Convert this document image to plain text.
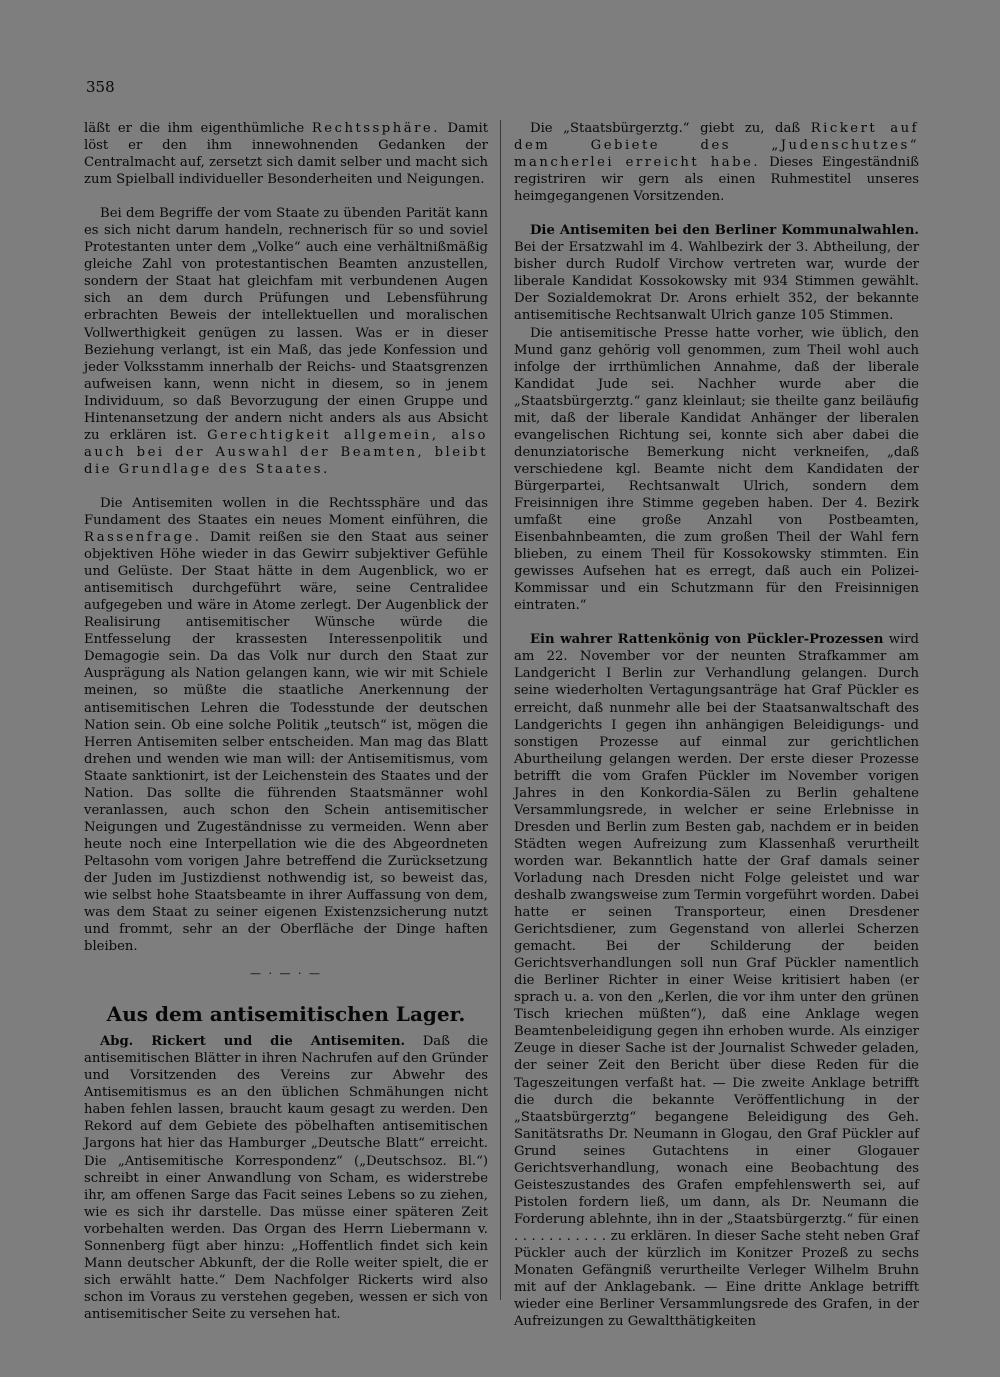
358

läßt er die ihm eigenthümliche Rechtssphäre. Damit löst er den ihm innewohnenden Gedanken der Centralmacht auf, zersetzt sich damit selber und macht sich zum Spielball individueller Besonderheiten und Neigungen.

Bei dem Begriffe der vom Staate zu übenden Parität kann es sich nicht darum handeln, rechnerisch für so und soviel Protestanten unter dem „Volke“ auch eine verhältnißmäßig gleiche Zahl von protestantischen Beamten anzustellen, sondern der Staat hat gleichfam mit verbundenen Augen sich an dem durch Prüfungen und Lebensführung erbrachten Beweis der intellektuellen und moralischen Vollwerthigkeit genügen zu lassen. Was er in dieser Beziehung verlangt, ist ein Maß, das jede Konfession und jeder Volksstamm innerhalb der Reichs- und Staatsgrenzen aufweisen kann, wenn nicht in diesem, so in jenem Individuum, so daß Bevorzugung der einen Gruppe und Hintenansetzung der andern nicht anders als aus Absicht zu erklären ist. Gerechtigkeit allgemein, also auch bei der Auswahl der Beamten, bleibt die Grundlage des Staates.

Die Antisemiten wollen in die Rechtssphäre und das Fundament des Staates ein neues Moment einführen, die Rassenfrage. Damit reißen sie den Staat aus seiner objektiven Höhe wieder in das Gewirr subjektiver Gefühle und Gelüste. Der Staat hätte in dem Augenblick, wo er antisemitisch durchgeführt wäre, seine Centralidee aufgegeben und wäre in Atome zerlegt. Der Augenblick der Realisirung antisemitischer Wünsche würde die Entfesselung der krassesten Interessenpolitik und Demagogie sein. Da das Volk nur durch den Staat zur Ausprägung als Nation gelangen kann, wie wir mit Schiele meinen, so müßte die staatliche Anerkennung der antisemitischen Lehren die Todesstunde der deutschen Nation sein. Ob eine solche Politik „teutsch“ ist, mögen die Herren Antisemiten selber entscheiden. Man mag das Blatt drehen und wenden wie man will: der Antisemitismus, vom Staate sanktionirt, ist der Leichenstein des Staates und der Nation. Das sollte die führenden Staatsmänner wohl veranlassen, auch schon den Schein antisemitischer Neigungen und Zugeständnisse zu vermeiden. Wenn aber heute noch eine Interpellation wie die des Abgeordneten Peltasohn vom vorigen Jahre betreffend die Zurücksetzung der Juden im Justizdienst nothwendig ist, so beweist das, wie selbst hohe Staatsbeamte in ihrer Auffassung von dem, was dem Staat zu seiner eigenen Existenzsicherung nutzt und frommt, sehr an der Oberfläche der Dinge haften bleiben.

— · — · —
Aus dem antisemitischen Lager.

Abg. Rickert und die Antisemiten. Daß die antisemitischen Blätter in ihren Nachrufen auf den Gründer und Vorsitzenden des Vereins zur Abwehr des Antisemitismus es an den üblichen Schmähungen nicht haben fehlen lassen, braucht kaum gesagt zu werden. Den Rekord auf dem Gebiete des pöbelhaften antisemitischen Jargons hat hier das Hamburger „Deutsche Blatt“ erreicht. Die „Antisemitische Korrespondenz“ („Deutschsoz. Bl.“) schreibt in einer Anwandlung von Scham, es widerstrebe ihr, am offenen Sarge das Facit seines Lebens so zu ziehen, wie es sich ihr darstelle. Das müsse einer späteren Zeit vorbehalten werden. Das Organ des Herrn Liebermann v. Sonnenberg fügt aber hinzu: „Hoffentlich findet sich kein Mann deutscher Abkunft, der die Rolle weiter spielt, die er sich erwählt hatte.“ Dem Nachfolger Rickerts wird also schon im Voraus zu verstehen gegeben, wessen er sich von antisemitischer Seite zu versehen hat.

Die „Staatsbürgerztg.“ giebt zu, daß Rickert auf dem Gebiete des „Judenschutzes“ mancherlei erreicht habe. Dieses Eingeständniß registriren wir gern als einen Ruhmestitel unseres heimgegangenen Vorsitzenden.

Die Antisemiten bei den Berliner Kommunalwahlen. Bei der Ersatzwahl im 4. Wahlbezirk der 3. Abtheilung, der bisher durch Rudolf Virchow vertreten war, wurde der liberale Kandidat Kossokowsky mit 934 Stimmen gewählt. Der Sozialdemokrat Dr. Arons erhielt 352, der bekannte antisemitische Rechtsanwalt Ulrich ganze 105 Stimmen.

Die antisemitische Presse hatte vorher, wie üblich, den Mund ganz gehörig voll genommen, zum Theil wohl auch infolge der irrthümlichen Annahme, daß der liberale Kandidat Jude sei. Nachher wurde aber die „Staatsbürgerztg.“ ganz kleinlaut; sie theilte ganz beiläufig mit, daß der liberale Kandidat Anhänger der liberalen evangelischen Richtung sei, konnte sich aber dabei die denunziatorische Bemerkung nicht verkneifen, „daß verschiedene kgl. Beamte nicht dem Kandidaten der Bürgerpartei, Rechtsanwalt Ulrich, sondern dem Freisinnigen ihre Stimme gegeben haben. Der 4. Bezirk umfaßt eine große Anzahl von Postbeamten, Eisenbahnbeamten, die zum großen Theil der Wahl fern blieben, zu einem Theil für Kossokowsky stimmten. Ein gewisses Aufsehen hat es erregt, daß auch ein Polizei-Kommissar und ein Schutzmann für den Freisinnigen eintraten.“

Ein wahrer Rattenkönig von Pückler-Prozessen wird am 22. November vor der neunten Strafkammer am Landgericht I Berlin zur Verhandlung gelangen. Durch seine wiederholten Vertagungsanträge hat Graf Pückler es erreicht, daß nunmehr alle bei der Staatsanwaltschaft des Landgerichts I gegen ihn anhängigen Beleidigungs- und sonstigen Prozesse auf einmal zur gerichtlichen Aburtheilung gelangen werden. Der erste dieser Prozesse betrifft die vom Grafen Pückler im November vorigen Jahres in den Konkordia-Sälen zu Berlin gehaltene Versammlungsrede, in welcher er seine Erlebnisse in Dresden und Berlin zum Besten gab, nachdem er in beiden Städten wegen Aufreizung zum Klassenhaß verurtheilt worden war. Bekanntlich hatte der Graf damals seiner Vorladung nach Dresden nicht Folge geleistet und war deshalb zwangsweise zum Termin vorgeführt worden. Dabei hatte er seinen Transporteur, einen Dresdener Gerichtsdiener, zum Gegenstand von allerlei Scherzen gemacht. Bei der Schilderung der beiden Gerichtsverhandlungen soll nun Graf Pückler namentlich die Berliner Richter in einer Weise kritisiert haben (er sprach u. a. von den „Kerlen, die vor ihm unter den grünen Tisch kriechen müßten“), daß eine Anklage wegen Beamtenbeleidigung gegen ihn erhoben wurde. Als einziger Zeuge in dieser Sache ist der Journalist Schweder geladen, der seiner Zeit den Bericht über diese Reden für die Tageszeitungen verfaßt hat. — Die zweite Anklage betrifft die durch die bekannte Veröffentlichung in der „Staatsbürgerztg“ begangene Beleidigung des Geh. Sanitätsraths Dr. Neumann in Glogau, den Graf Pückler auf Grund seines Gutachtens in einer Glogauer Gerichtsverhandlung, wonach eine Beobachtung des Geisteszustandes des Grafen empfehlenswerth sei, auf Pistolen fordern ließ, um dann, als Dr. Neumann die Forderung ablehnte, ihn in der „Staatsbürgerztg.“ für einen . . . . . . . . . . . zu erklären. In dieser Sache steht neben Graf Pückler auch der kürzlich im Konitzer Prozeß zu sechs Monaten Gefängniß verurtheilte Verleger Wilhelm Bruhn mit auf der Anklagebank. — Eine dritte Anklage betrifft wieder eine Berliner Versammlungsrede des Grafen, in der Aufreizungen zu Gewaltthätigkeiten
